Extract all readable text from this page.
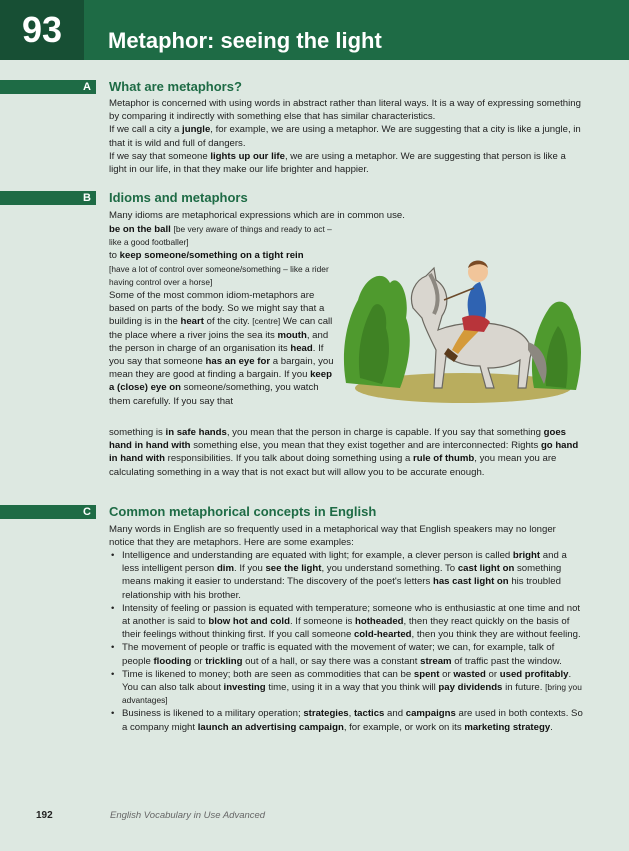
93	Metaphor: seeing the light
A What are metaphors?
Metaphor is concerned with using words in abstract rather than literal ways. It is a way of expressing something by comparing it indirectly with something else that has similar characteristics.
If we call a city a jungle, for example, we are using a metaphor. We are suggesting that a city is like a jungle, in that it is wild and full of dangers.
If we say that someone lights up our life, we are using a metaphor. We are suggesting that person is like a light in our life, in that they make our life brighter and happier.
B Idioms and metaphors
Many idioms are metaphorical expressions which are in common use.
be on the ball [be very aware of things and ready to act – like a good footballer]
to keep someone/something on a tight rein
[have a lot of control over someone/something – like a rider having control over a horse]
Some of the most common idiom-metaphors are based on parts of the body. So we might say that a building is in the heart of the city. [centre] We can call the place where a river joins the sea its mouth, and the person in charge of an organisation its head. If you say that someone has an eye for a bargain, you mean they are good at finding a bargain. If you keep a (close) eye on someone/something, you watch them carefully. If you say that
something is in safe hands, you mean that the person in charge is capable. If you say that something goes hand in hand with something else, you mean that they exist together and are interconnected: Rights go hand in hand with responsibilities. If you talk about doing something using a rule of thumb, you mean you are calculating something in a way that is not exact but will allow you to be accurate enough.
C Common metaphorical concepts in English
Many words in English are so frequently used in a metaphorical way that English speakers may no longer notice that they are metaphors. Here are some examples:
• Intelligence and understanding are equated with light; for example, a clever person is called bright and a less intelligent person dim. If you see the light, you understand something. To cast light on something means making it easier to understand: The discovery of the poet's letters has cast light on his troubled relationship with his brother.
• Intensity of feeling or passion is equated with temperature; someone who is enthusiastic at one time and not at another is said to blow hot and cold. If someone is hotheaded, then they react quickly on the basis of their feelings without thinking first. If you call someone cold-hearted, then you think they are without feeling.
• The movement of people or traffic is equated with the movement of water; we can, for example, talk of people flooding or trickling out of a hall, or say there was a constant stream of traffic past the window.
• Time is likened to money; both are seen as commodities that can be spent or wasted or used profitably. You can also talk about investing time, using it in a way that you think will pay dividends in future. [bring you advantages]
• Business is likened to a military operation; strategies, tactics and campaigns are used in both contexts. So a company might launch an advertising campaign, for example, or work on its marketing strategy.
192	English Vocabulary in Use Advanced
